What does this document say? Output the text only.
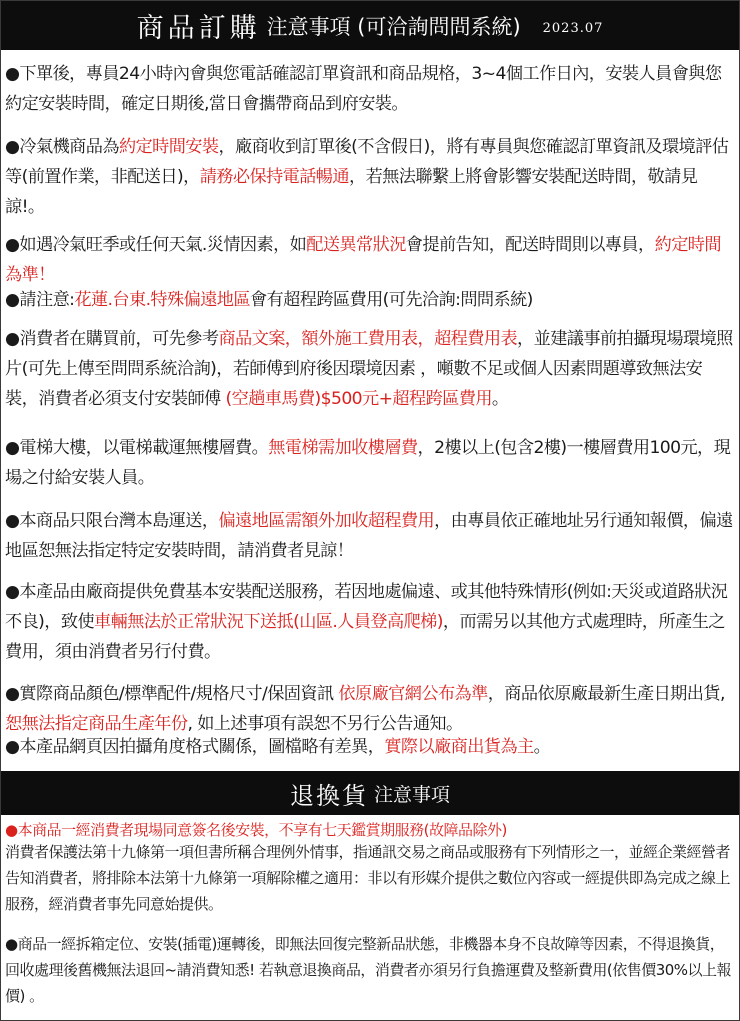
商品訂購 注意事項 (可洽詢問問系統) 2023.07
●下單後，專員24小時內會與您電話確認訂單資訊和商品規格，3~4個工作日內，安裝人員會與您約定安裝時間，確定日期後,當日會攜帶商品到府安裝。
●冷氣機商品為約定時間安裝，廠商收到訂單後(不含假日)，將有專員與您確認訂單資訊及環境評估等(前置作業，非配送日)，請務必保持電話暢通，若無法聯繫上將會影響安裝配送時間，敬請見諒!。
●如遇冷氣旺季或任何天氣.災情因素，如配送異常狀況會提前告知，配送時間則以專員，約定時間為準！
●請注意:花蓮.台東.特殊偏遠地區會有超程跨區費用(可先洽詢:問問系統)
●消費者在購買前，可先參考商品文案，額外施工費用表，超程費用表，並建議事前拍攝現場環境照片(可先上傳至問問系統洽詢)，若師傅到府後因環境因素 ，噸數不足或個人因素問題導致無法安裝，消費者必須支付安裝師傅 (空趟車馬費)$500元+超程跨區費用。
●電梯大樓，以電梯載運無樓層費。無電梯需加收樓層費，2樓以上(包含2樓)一樓層費用100元，現場之付給安裝人員。
●本商品只限台灣本島運送，偏遠地區需額外加收超程費用，由專員依正確地址另行通知報價，偏遠地區恕無法指定特定安裝時間，請消費者見諒！
●本產品由廠商提供免費基本安裝配送服務，若因地處偏遠、或其他特殊情形(例如:天災或道路狀況不良)，致使車輛無法於正常狀況下送抵(山區.人員登高爬梯)，而需另以其他方式處理時，所產生之費用，須由消費者另行付費。
●實際商品顏色/標準配件/規格尺寸/保固資訊 依原廠官網公布為準，商品依原廠最新生產日期出貨,恕無法指定商品生產年份, 如上述事項有誤恕不另行公告通知。
●本產品網頁因拍攝角度格式關係，圖檔略有差異，實際以廠商出貨為主。
退換貨 注意事項
●本商品一經消費者現場同意簽名後安裝，不享有七天鑑賞期服務(故障品除外)
消費者保護法第十九條第一項但書所稱合理例外情事，指通訊交易之商品或服務有下列情形之一，並經企業經營者告知消費者，將排除本法第十九條第一項解除權之適用：非以有形媒介提供之數位內容或一經提供即為完成之線上服務，經消費者事先同意始提供。
●商品一經拆箱定位、安裝(插電)運轉後，即無法回復完整新品狀態，非機器本身不良故障等因素，不得退換貨，回收處理後舊機無法退回~請消費知悉! 若執意退換商品，消費者亦須另行負擔運費及整新費用(依售價30%以上報價) 。
